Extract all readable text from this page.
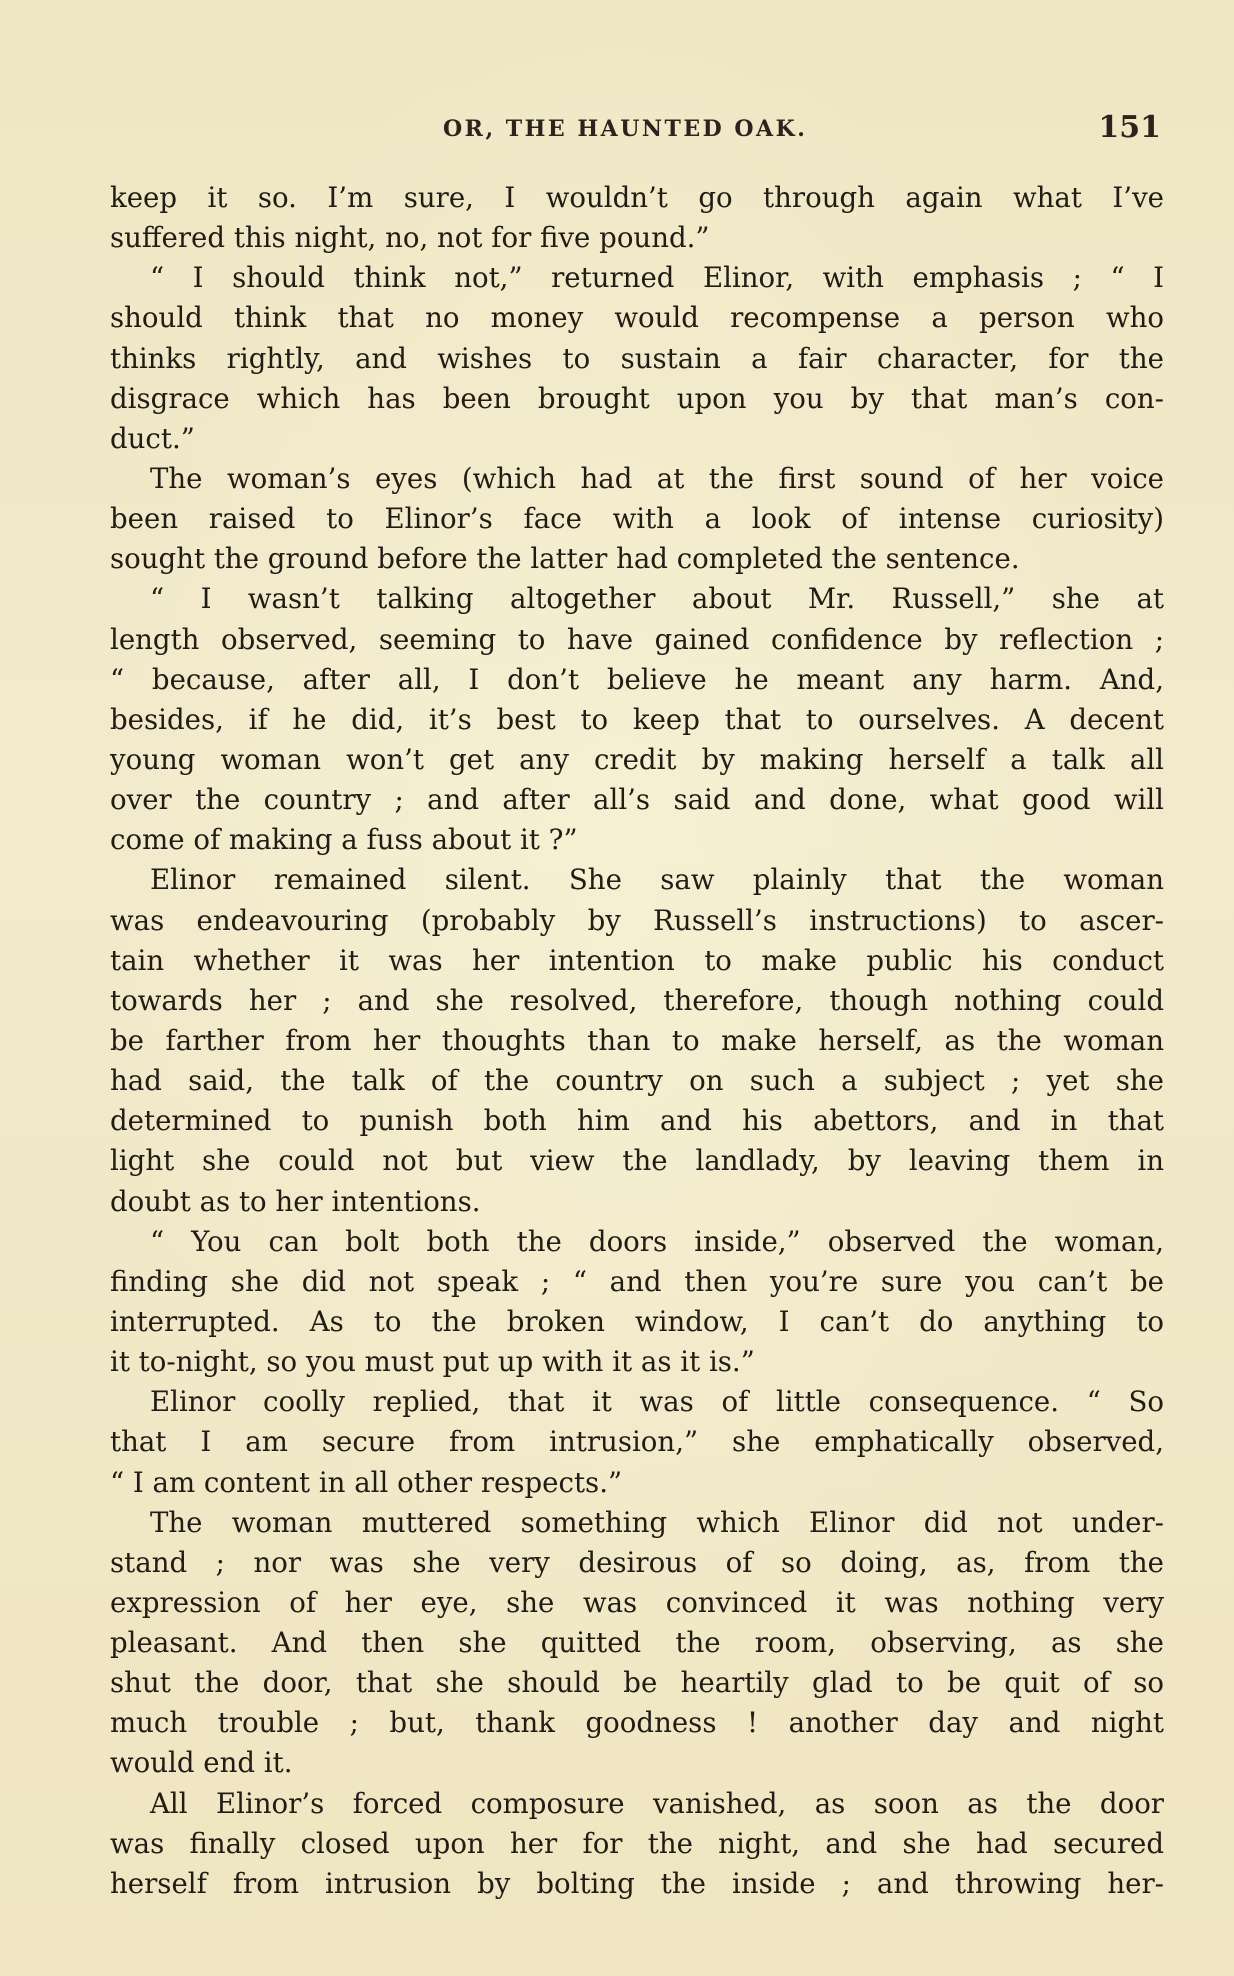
OR, THE HAUNTED OAK.	151
keep it so. I’m sure, I wouldn’t go through again what I’ve
suffered this night, no, not for five pound.”
“ I should think not,” returned Elinor, with emphasis ; “ I
should think that no money would recompense a person who
thinks rightly, and wishes to sustain a fair character, for the
disgrace which has been brought upon you by that man’s con-
duct.”
The woman’s eyes (which had at the first sound of her voice
been raised to Elinor’s face with a look of intense curiosity)
sought the ground before the latter had completed the sentence.
“ I wasn’t talking altogether about Mr. Russell,” she at
length observed, seeming to have gained confidence by reflection ;
“ because, after all, I don’t believe he meant any harm. And,
besides, if he did, it’s best to keep that to ourselves. A decent
young woman won’t get any credit by making herself a talk all
over the country ; and after all’s said and done, what good will
come of making a fuss about it ?”
Elinor remained silent. She saw plainly that the woman
was endeavouring (probably by Russell’s instructions) to ascer-
tain whether it was her intention to make public his conduct
towards her ; and she resolved, therefore, though nothing could
be farther from her thoughts than to make herself, as the woman
had said, the talk of the country on such a subject ; yet she
determined to punish both him and his abettors, and in that
light she could not but view the landlady, by leaving them in
doubt as to her intentions.
“ You can bolt both the doors inside,” observed the woman,
finding she did not speak ; “ and then you’re sure you can’t be
interrupted. As to the broken window, I can’t do anything to
it to-night, so you must put up with it as it is.”
Elinor coolly replied, that it was of little consequence. “ So
that I am secure from intrusion,” she emphatically observed,
“ I am content in all other respects.”
The woman muttered something which Elinor did not under-
stand ; nor was she very desirous of so doing, as, from the
expression of her eye, she was convinced it was nothing very
pleasant. And then she quitted the room, observing, as she
shut the door, that she should be heartily glad to be quit of so
much trouble ; but, thank goodness ! another day and night
would end it.
All Elinor’s forced composure vanished, as soon as the door
was finally closed upon her for the night, and she had secured
herself from intrusion by bolting the inside ; and throwing her-
